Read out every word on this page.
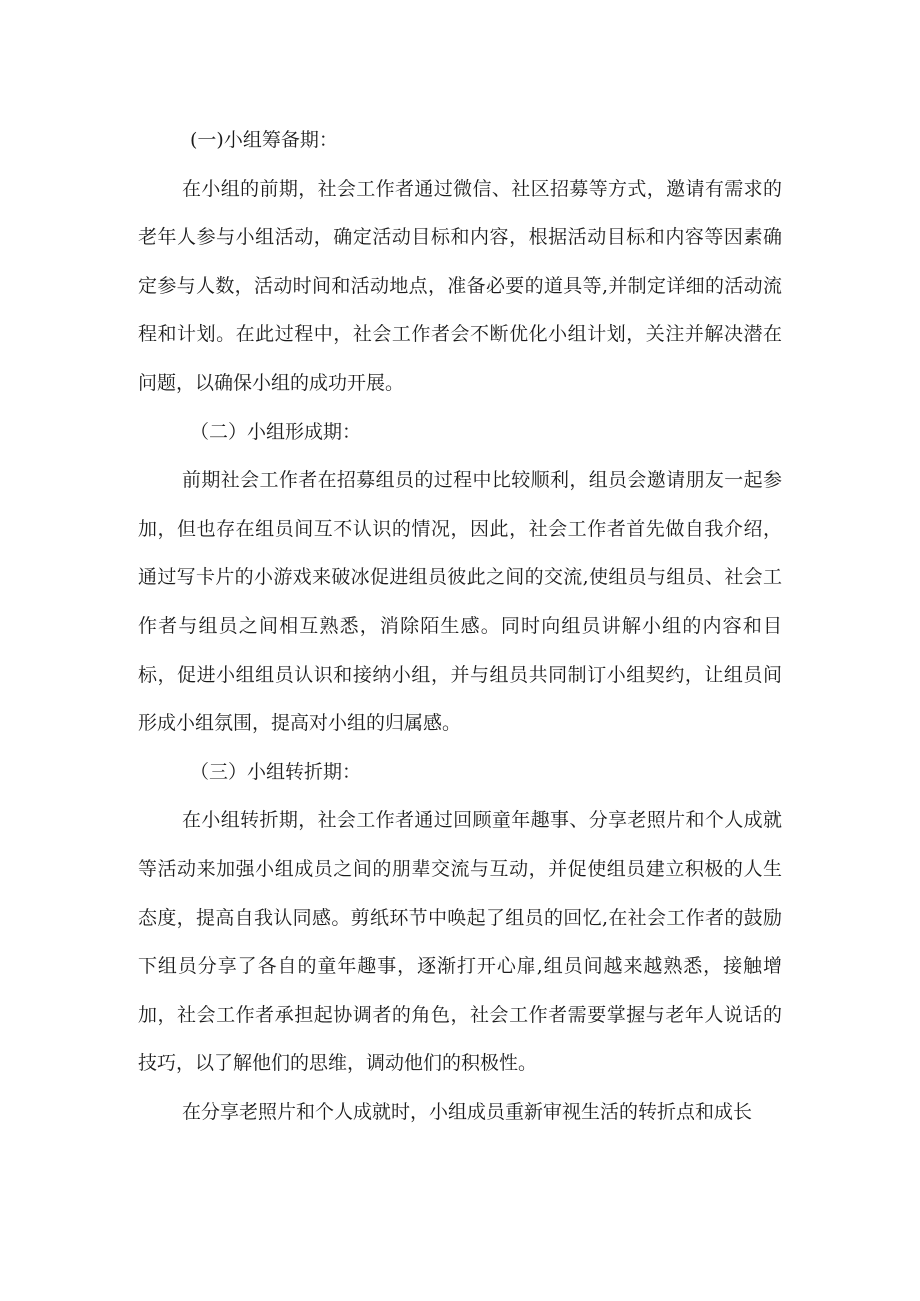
(一)小组筹备期：

在小组的前期，社会工作者通过微信、社区招募等方式，邀请有需求的老年人参与小组活动，确定活动目标和内容，根据活动目标和内容等因素确定参与人数，活动时间和活动地点，准备必要的道具等,并制定详细的活动流程和计划。在此过程中，社会工作者会不断优化小组计划，关注并解决潜在问题，以确保小组的成功开展。

（二）小组形成期：

前期社会工作者在招募组员的过程中比较顺利，组员会邀请朋友一起参加，但也存在组员间互不认识的情况，因此，社会工作者首先做自我介绍，通过写卡片的小游戏来破冰促进组员彼此之间的交流,使组员与组员、社会工作者与组员之间相互熟悉，消除陌生感。同时向组员讲解小组的内容和目标，促进小组组员认识和接纳小组，并与组员共同制订小组契约，让组员间形成小组氛围，提高对小组的归属感。

（三）小组转折期：

在小组转折期，社会工作者通过回顾童年趣事、分享老照片和个人成就等活动来加强小组成员之间的朋辈交流与互动，并促使组员建立积极的人生态度，提高自我认同感。剪纸环节中唤起了组员的回忆,在社会工作者的鼓励下组员分享了各自的童年趣事，逐渐打开心扉,组员间越来越熟悉，接触增加，社会工作者承担起协调者的角色，社会工作者需要掌握与老年人说话的技巧，以了解他们的思维，调动他们的积极性。

在分享老照片和个人成就时，小组成员重新审视生活的转折点和成长
